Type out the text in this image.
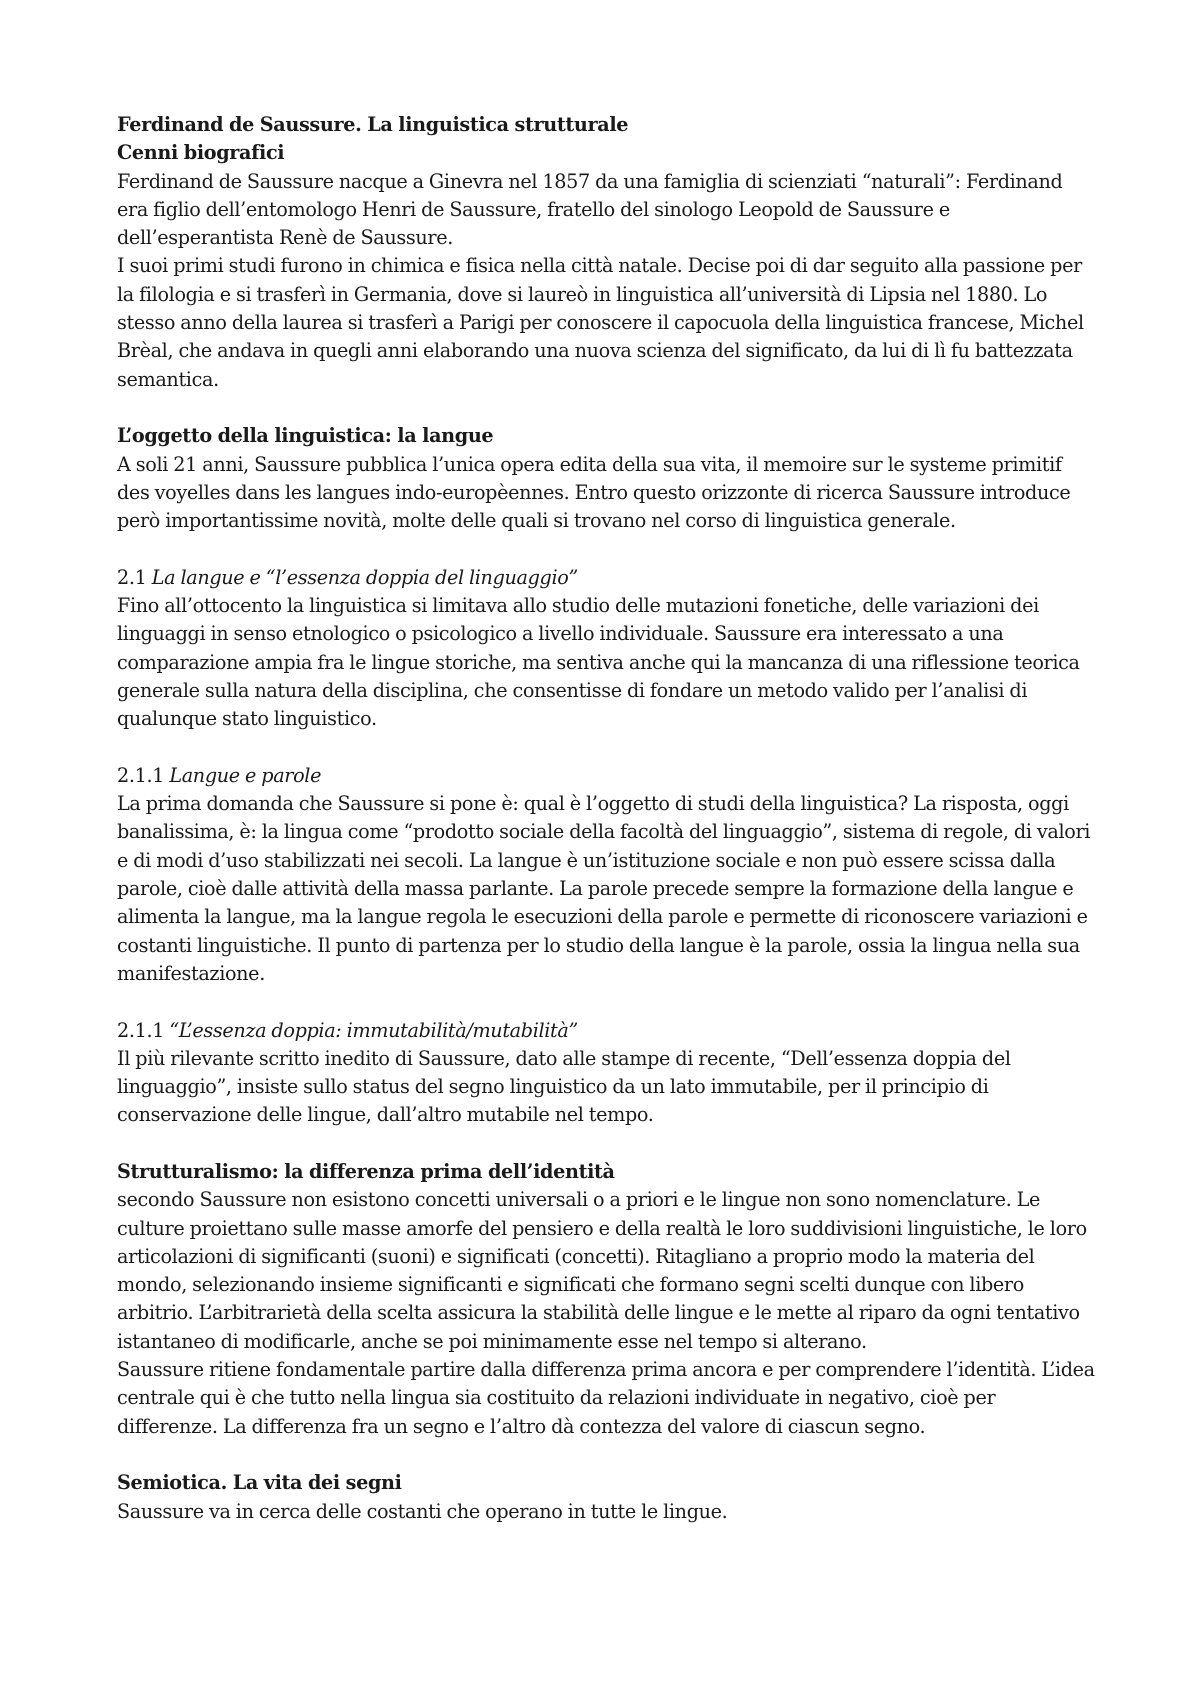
Ferdinand de Saussure. La linguistica strutturale

Cenni biografici

Ferdinand de Saussure nacque a Ginevra nel 1857 da una famiglia di scienziati “naturali”: Ferdinand era figlio dell’entomologo Henri de Saussure, fratello del sinologo Leopold de Saussure e dell’esperantista Renè de Saussure.

I suoi primi studi furono in chimica e fisica nella città natale. Decise poi di dar seguito alla passione per la filologia e si trasferì in Germania, dove si laureò in linguistica all’università di Lipsia nel 1880. Lo stesso anno della laurea si trasferì a Parigi per conoscere il capocuola della linguistica francese, Michel Brèal, che andava in quegli anni elaborando una nuova scienza del significato, da lui di lì fu battezzata semantica.

L’oggetto della linguistica: la langue

A soli 21 anni, Saussure pubblica l’unica opera edita della sua vita, il memoire sur le systeme primitif des voyelles dans les langues indo-europèennes. Entro questo orizzonte di ricerca Saussure introduce però importantissime novità, molte delle quali si trovano nel corso di linguistica generale.

2.1 La langue e “l’essenza doppia del linguaggio”

Fino all’ottocento la linguistica si limitava allo studio delle mutazioni fonetiche, delle variazioni dei linguaggi in senso etnologico o psicologico a livello individuale. Saussure era interessato a una comparazione ampia fra le lingue storiche, ma sentiva anche qui la mancanza di una riflessione teorica generale sulla natura della disciplina, che consentisse di fondare un metodo valido per l’analisi di qualunque stato linguistico.

2.1.1 Langue e parole

La prima domanda che Saussure si pone è: qual è l’oggetto di studi della linguistica? La risposta, oggi banalissima, è: la lingua come “prodotto sociale della facoltà del linguaggio”, sistema di regole, di valori e di modi d’uso stabilizzati nei secoli. La langue è un’istituzione sociale e non può essere scissa dalla parole, cioè dalle attività della massa parlante. La parole precede sempre la formazione della langue e alimenta la langue, ma la langue regola le esecuzioni della parole e permette di riconoscere variazioni e costanti linguistiche. Il punto di partenza per lo studio della langue è la parole, ossia la lingua nella sua manifestazione.

2.1.1 “L’essenza doppia: immutabilità/mutabilità”

Il più rilevante scritto inedito di Saussure, dato alle stampe di recente, “Dell’essenza doppia del linguaggio”, insiste sullo status del segno linguistico da un lato immutabile, per il principio di conservazione delle lingue, dall’altro mutabile nel tempo.

Strutturalismo: la differenza prima dell’identità

secondo Saussure non esistono concetti universali o a priori e le lingue non sono nomenclature. Le culture proiettano sulle masse amorfe del pensiero e della realtà le loro suddivisioni linguistiche, le loro articolazioni di significanti (suoni) e significati (concetti). Ritagliano a proprio modo la materia del mondo, selezionando insieme significanti e significati che formano segni scelti dunque con libero arbitrio. L’arbitrarietà della scelta assicura la stabilità delle lingue e le mette al riparo da ogni tentativo istantaneo di modificarle, anche se poi minimamente esse nel tempo si alterano.

Saussure ritiene fondamentale partire dalla differenza prima ancora e per comprendere l’identità. L’idea centrale qui è che tutto nella lingua sia costituito da relazioni individuate in negativo, cioè per differenze. La differenza fra un segno e l’altro dà contezza del valore di ciascun segno.

Semiotica. La vita dei segni

Saussure va in cerca delle costanti che operano in tutte le lingue.
